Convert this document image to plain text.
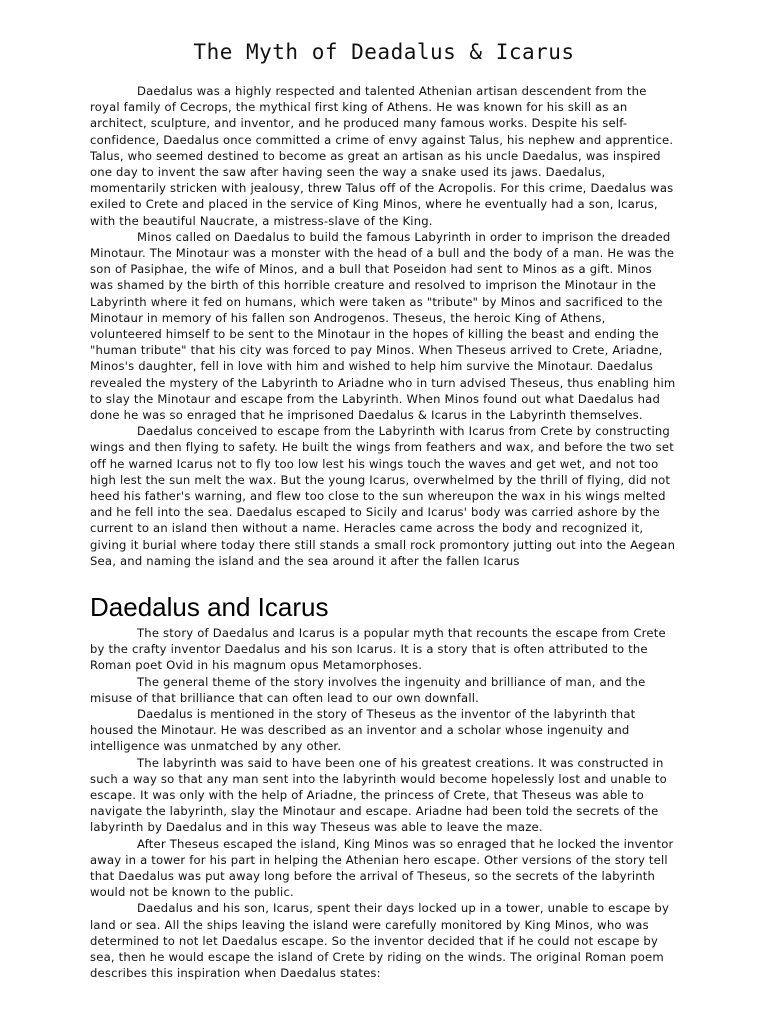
The Myth of Deadalus & Icarus

Daedalus was a highly respected and talented Athenian artisan descendent from the royal family of Cecrops, the mythical first king of Athens. He was known for his skill as an architect, sculpture, and inventor, and he produced many famous works. Despite his self-confidence, Daedalus once committed a crime of envy against Talus, his nephew and apprentice. Talus, who seemed destined to become as great an artisan as his uncle Daedalus, was inspired one day to invent the saw after having seen the way a snake used its jaws. Daedalus, momentarily stricken with jealousy, threw Talus off of the Acropolis. For this crime, Daedalus was exiled to Crete and placed in the service of King Minos, where he eventually had a son, Icarus, with the beautiful Naucrate, a mistress-slave of the King.

Minos called on Daedalus to build the famous Labyrinth in order to imprison the dreaded Minotaur. The Minotaur was a monster with the head of a bull and the body of a man. He was the son of Pasiphae, the wife of Minos, and a bull that Poseidon had sent to Minos as a gift. Minos was shamed by the birth of this horrible creature and resolved to imprison the Minotaur in the Labyrinth where it fed on humans, which were taken as "tribute" by Minos and sacrificed to the Minotaur in memory of his fallen son Androgenos. Theseus, the heroic King of Athens, volunteered himself to be sent to the Minotaur in the hopes of killing the beast and ending the "human tribute" that his city was forced to pay Minos. When Theseus arrived to Crete, Ariadne, Minos's daughter, fell in love with him and wished to help him survive the Minotaur. Daedalus revealed the mystery of the Labyrinth to Ariadne who in turn advised Theseus, thus enabling him to slay the Minotaur and escape from the Labyrinth. When Minos found out what Daedalus had done he was so enraged that he imprisoned Daedalus & Icarus in the Labyrinth themselves.

Daedalus conceived to escape from the Labyrinth with Icarus from Crete by constructing wings and then flying to safety. He built the wings from feathers and wax, and before the two set off he warned Icarus not to fly too low lest his wings touch the waves and get wet, and not too high lest the sun melt the wax. But the young Icarus, overwhelmed by the thrill of flying, did not heed his father's warning, and flew too close to the sun whereupon the wax in his wings melted and he fell into the sea. Daedalus escaped to Sicily and Icarus' body was carried ashore by the current to an island then without a name. Heracles came across the body and recognized it, giving it burial where today there still stands a small rock promontory jutting out into the Aegean Sea, and naming the island and the sea around it after the fallen Icarus

Daedalus and Icarus

The story of Daedalus and Icarus is a popular myth that recounts the escape from Crete by the crafty inventor Daedalus and his son Icarus. It is a story that is often attributed to the Roman poet Ovid in his magnum opus Metamorphoses.

The general theme of the story involves the ingenuity and brilliance of man, and the misuse of that brilliance that can often lead to our own downfall.

Daedalus is mentioned in the story of Theseus as the inventor of the labyrinth that housed the Minotaur. He was described as an inventor and a scholar whose ingenuity and intelligence was unmatched by any other.

The labyrinth was said to have been one of his greatest creations. It was constructed in such a way so that any man sent into the labyrinth would become hopelessly lost and unable to escape. It was only with the help of Ariadne, the princess of Crete, that Theseus was able to navigate the labyrinth, slay the Minotaur and escape. Ariadne had been told the secrets of the labyrinth by Daedalus and in this way Theseus was able to leave the maze.

After Theseus escaped the island, King Minos was so enraged that he locked the inventor away in a tower for his part in helping the Athenian hero escape. Other versions of the story tell that Daedalus was put away long before the arrival of Theseus, so the secrets of the labyrinth would not be known to the public.

Daedalus and his son, Icarus, spent their days locked up in a tower, unable to escape by land or sea. All the ships leaving the island were carefully monitored by King Minos, who was determined to not let Daedalus escape. So the inventor decided that if he could not escape by sea, then he would escape the island of Crete by riding on the winds. The original Roman poem describes this inspiration when Daedalus states:
